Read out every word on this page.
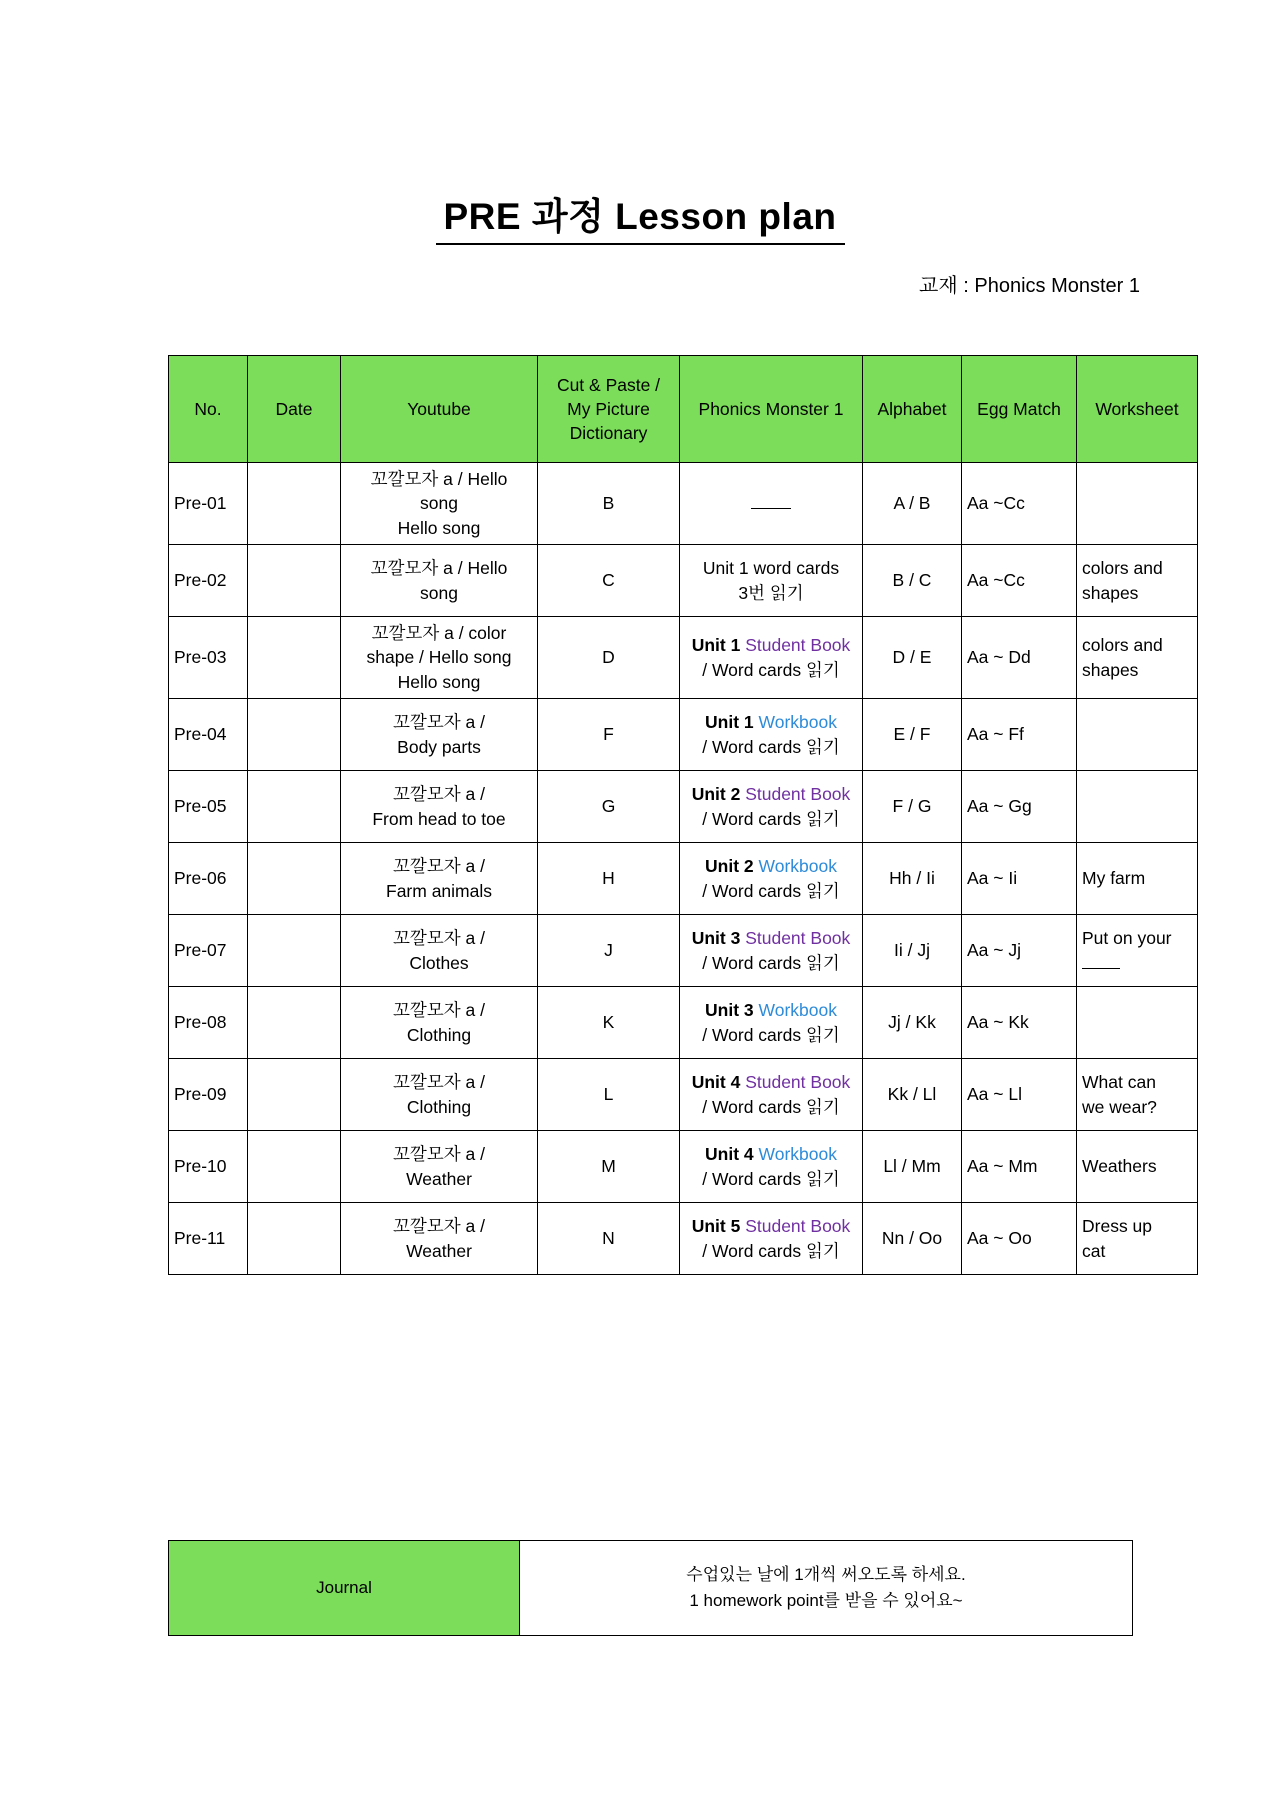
PRE 과정 Lesson plan
교재 : Phonics Monster 1
No.	Date	Youtube	Cut & Paste /
My Picture
Dictionary	Phonics Monster 1	Alphabet	Egg Match	Worksheet
Pre-01		꼬깔모자 a / Hello
song
Hello song	B		A / B	Aa ~Cc	
Pre-02		꼬깔모자 a / Hello
song	C	Unit 1 word cards
3번 읽기	B / C	Aa ~Cc	colors and
shapes
Pre-03		꼬깔모자 a / color
shape / Hello song
Hello song	D	Unit 1 Student Book
/ Word cards 읽기	D / E	Aa ~ Dd	colors and
shapes
Pre-04		꼬깔모자 a /
Body parts	F	Unit 1 Workbook
/ Word cards 읽기	E / F	Aa ~ Ff	
Pre-05		꼬깔모자 a /
From head to toe	G	Unit 2 Student Book
/ Word cards 읽기	F / G	Aa ~ Gg	
Pre-06		꼬깔모자 a /
Farm animals	H	Unit 2 Workbook
/ Word cards 읽기	Hh / Ii	Aa ~ Ii	My farm
Pre-07		꼬깔모자 a /
Clothes	J	Unit 3 Student Book
/ Word cards 읽기	Ii / Jj	Aa ~ Jj	Put on your

Pre-08		꼬깔모자 a /
Clothing	K	Unit 3 Workbook
/ Word cards 읽기	Jj / Kk	Aa ~ Kk	
Pre-09		꼬깔모자 a /
Clothing	L	Unit 4 Student Book
/ Word cards 읽기	Kk / Ll	Aa ~ Ll	What can
we wear?
Pre-10		꼬깔모자 a /
Weather	M	Unit 4 Workbook
/ Word cards 읽기	Ll / Mm	Aa ~ Mm	Weathers
Pre-11		꼬깔모자 a /
Weather	N	Unit 5 Student Book
/ Word cards 읽기	Nn / Oo	Aa ~ Oo	Dress up
cat
Journal	
수업있는 날에 1개씩 써오도록 하세요.
1 homework point를 받을 수 있어요~
